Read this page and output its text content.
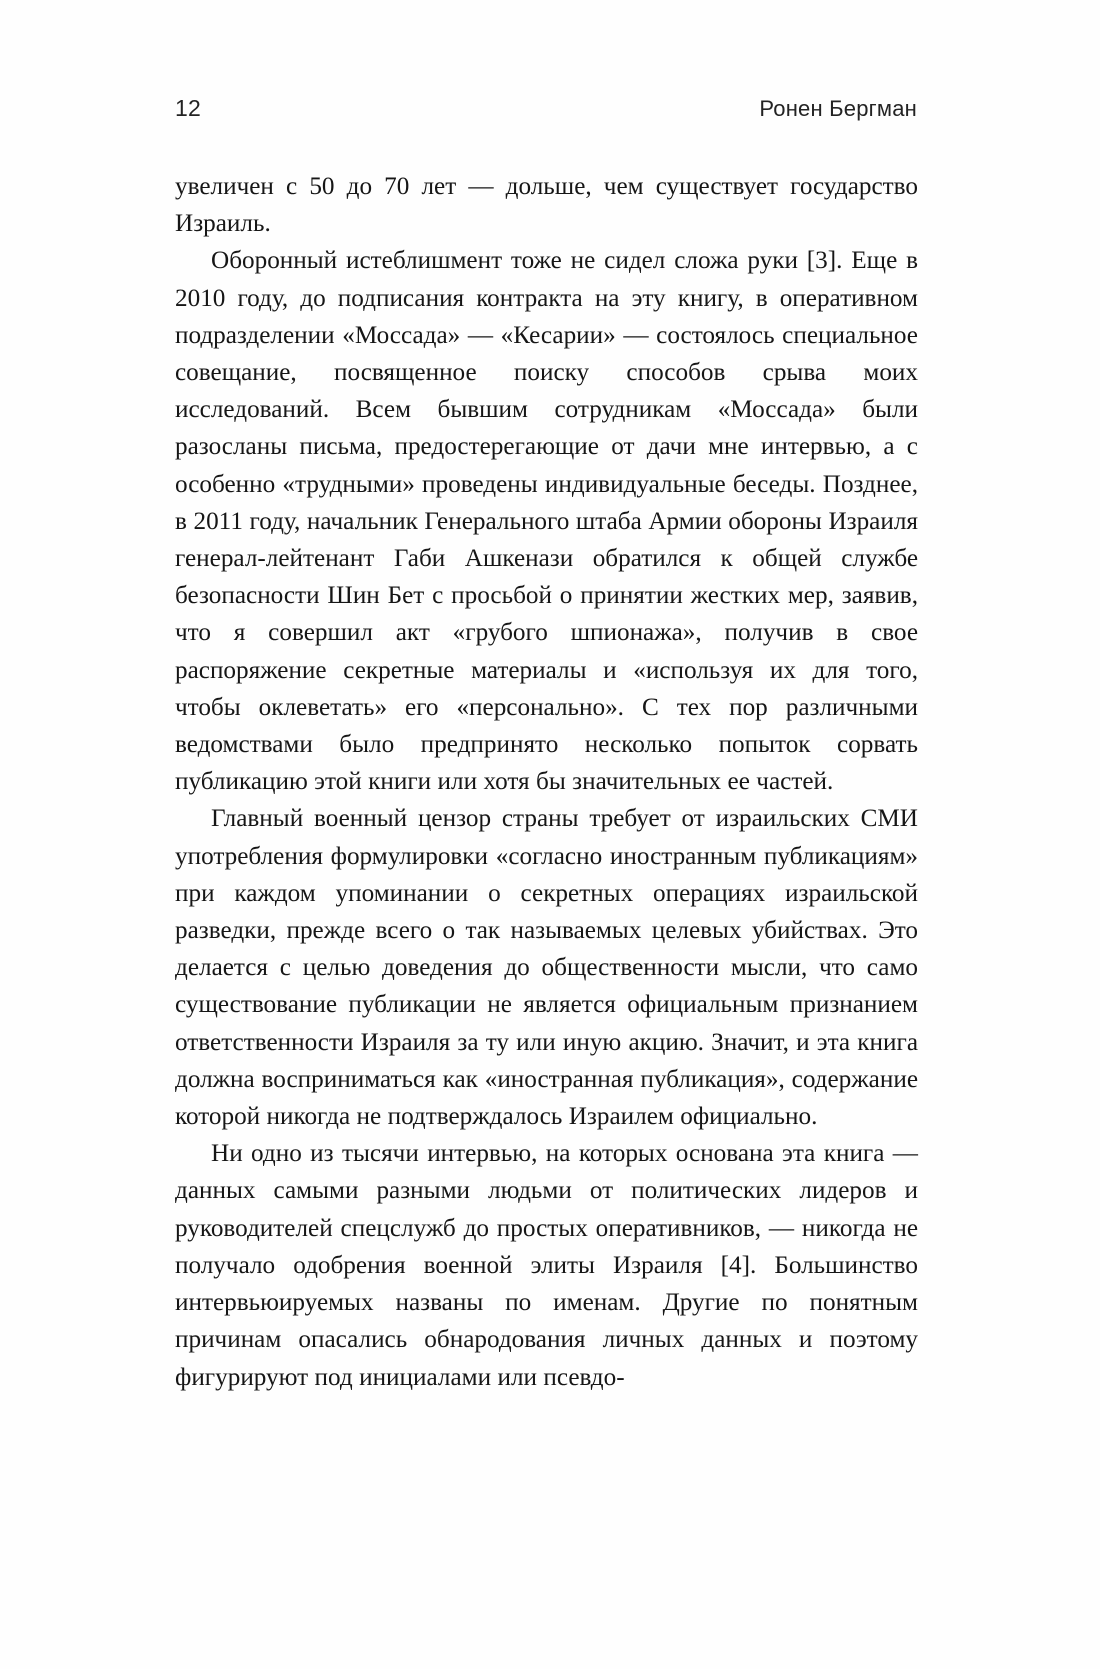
12	Ронен Бергман

увеличен с 50 до 70 лет — дольше, чем существует государство Израиль.

Оборонный истеблишмент тоже не сидел сложа руки [3]. Еще в 2010 году, до подписания контракта на эту книгу, в оперативном подразделении «Моссада» — «Кесарии» — состоялось специальное совещание, посвященное поиску способов срыва моих исследований. Всем бывшим сотрудникам «Моссада» были разосланы письма, предостерегающие от дачи мне интервью, а с особенно «трудными» проведены индивидуальные беседы. Позднее, в 2011 году, начальник Генерального штаба Армии обороны Израиля генерал-лейтенант Габи Ашкенази обратился к общей службе безопасности Шин Бет с просьбой о принятии жестких мер, заявив, что я совершил акт «грубого шпионажа», получив в свое распоряжение секретные материалы и «используя их для того, чтобы оклеветать» его «персонально». С тех пор различными ведомствами было предпринято несколько попыток сорвать публикацию этой книги или хотя бы значительных ее частей.

Главный военный цензор страны требует от израильских СМИ употребления формулировки «согласно иностранным публикациям» при каждом упоминании о секретных операциях израильской разведки, прежде всего о так называемых целевых убийствах. Это делается с целью доведения до общественности мысли, что само существование публикации не является официальным признанием ответственности Израиля за ту или иную акцию. Значит, и эта книга должна восприниматься как «иностранная публикация», содержание которой никогда не подтверждалось Израилем официально.

Ни одно из тысячи интервью, на которых основана эта книга — данных самыми разными людьми от политических лидеров и руководителей спецслужб до простых оперативников, — никогда не получало одобрения военной элиты Израиля [4]. Большинство интервьюируемых названы по именам. Другие по понятным причинам опасались обнародования личных данных и поэтому фигурируют под инициалами или псевдо-
